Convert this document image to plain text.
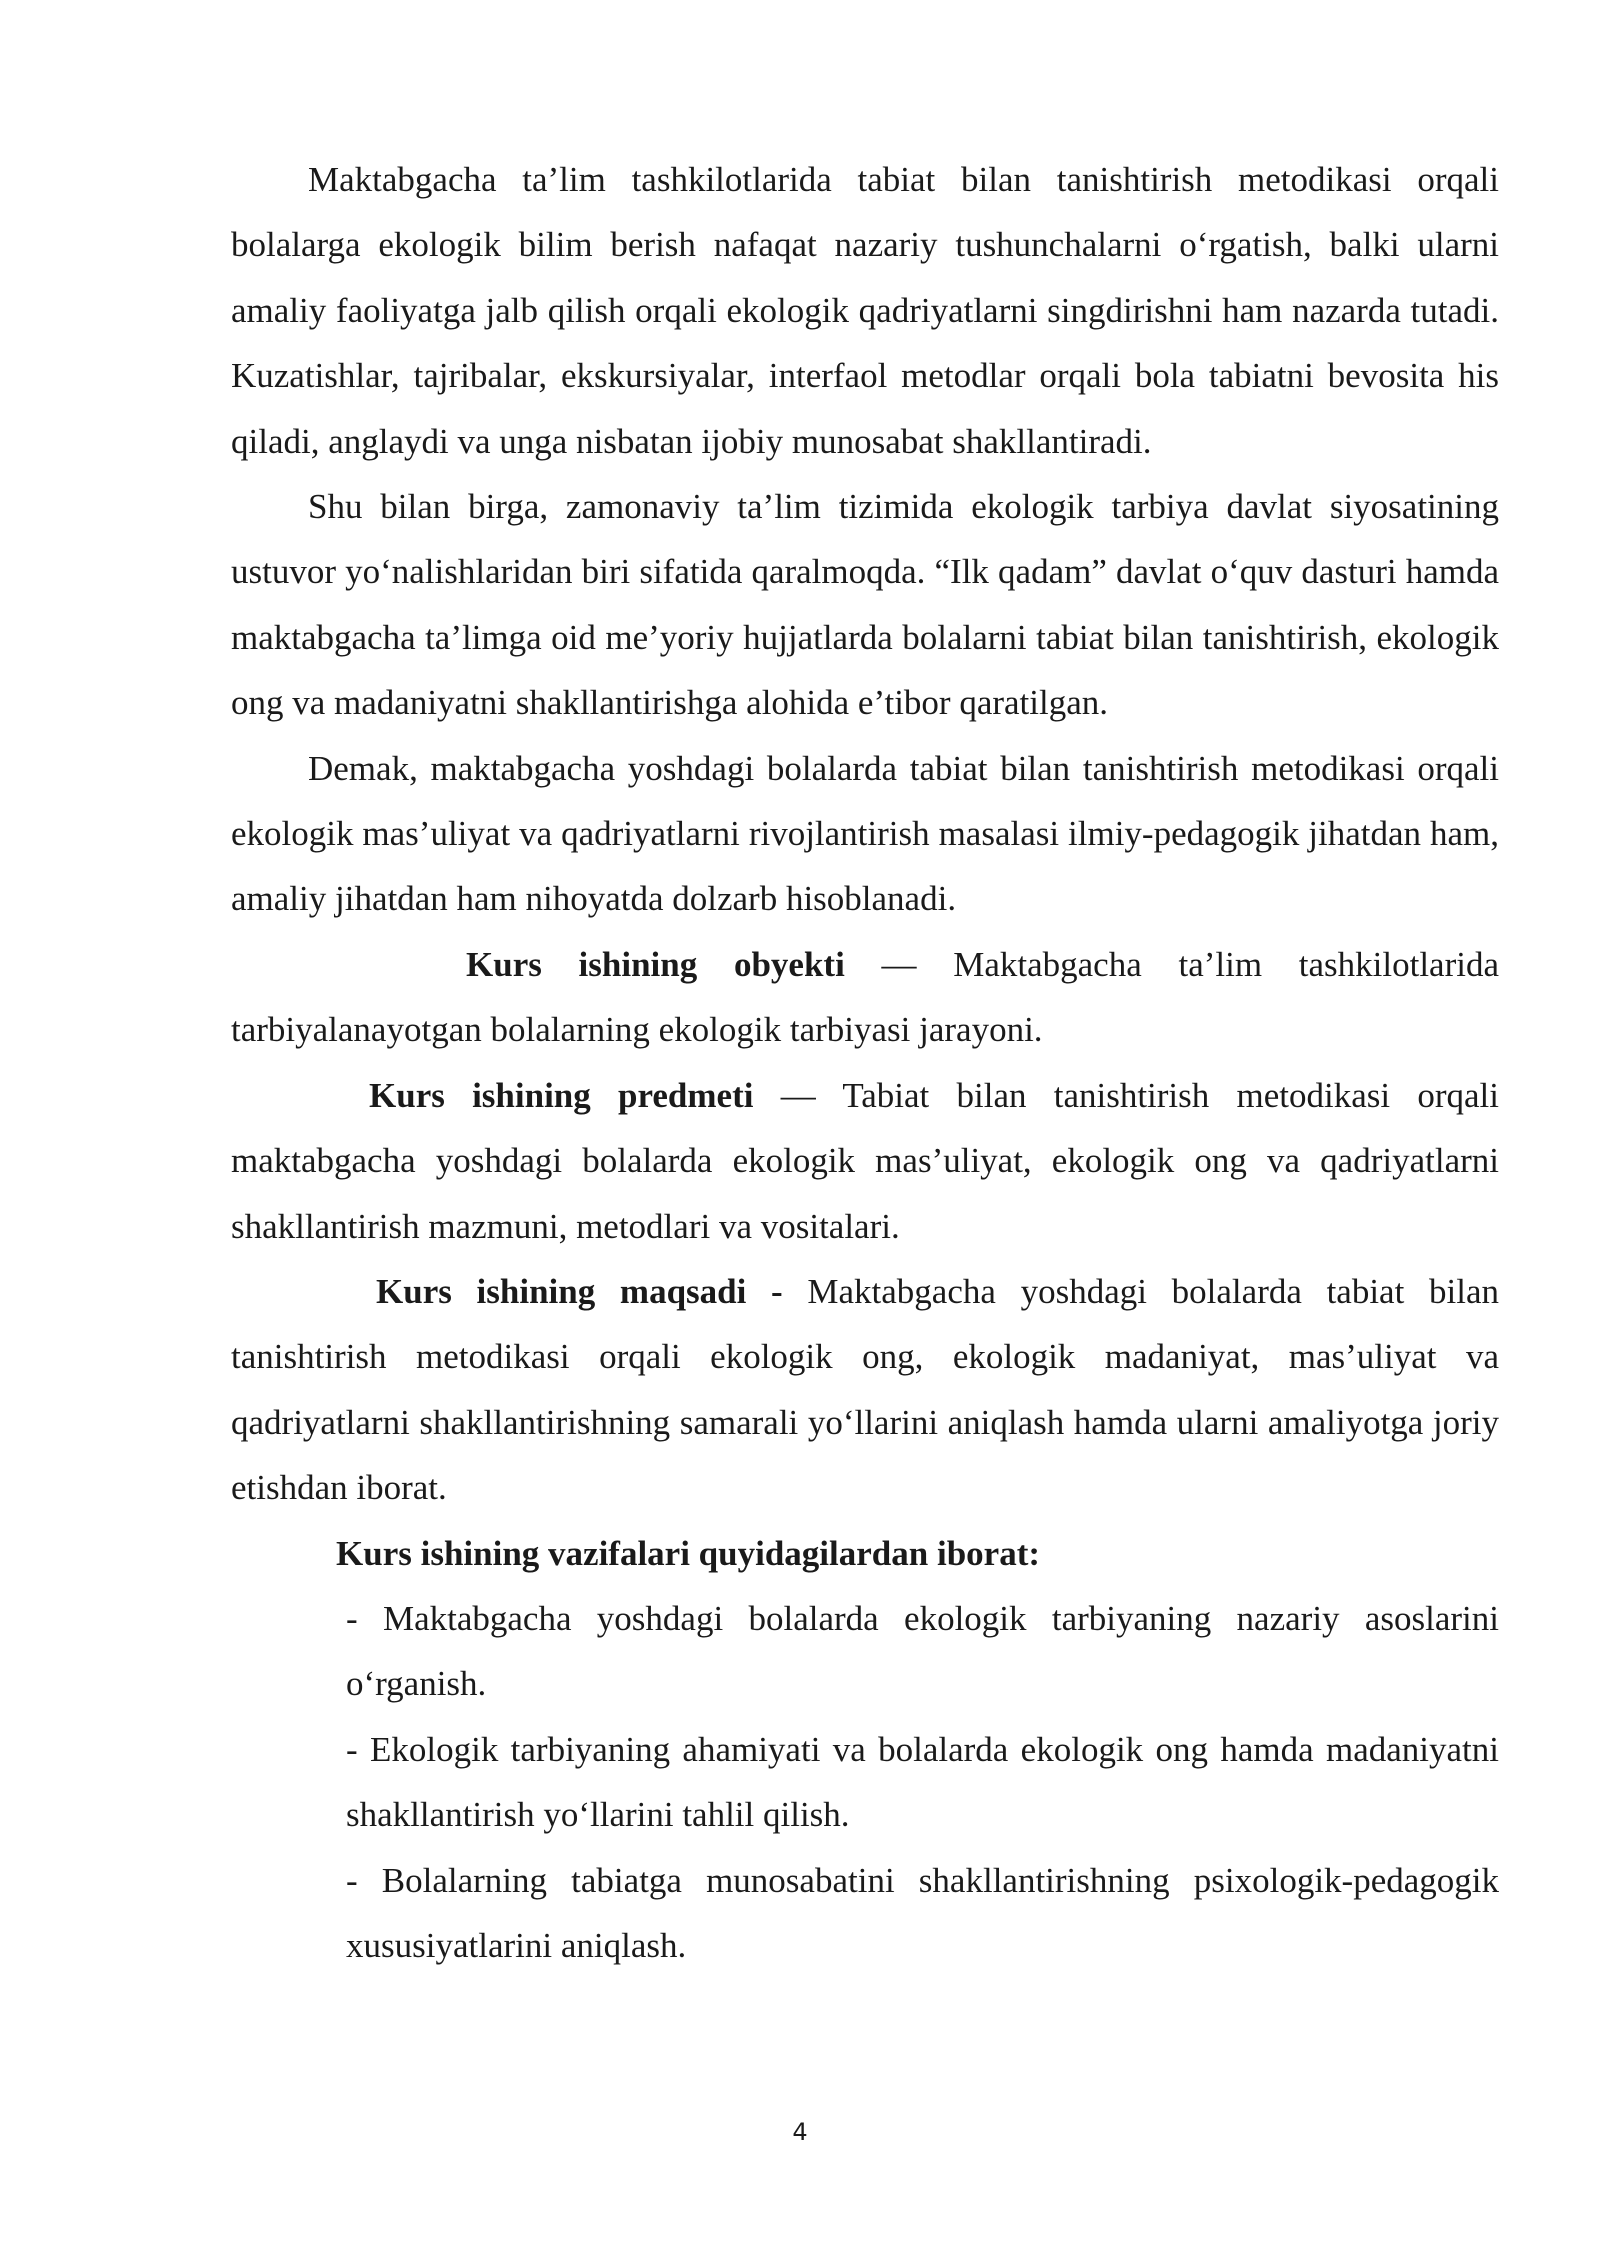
Maktabgacha ta’lim tashkilotlarida tabiat bilan tanishtirish metodikasi orqali bolalarga ekologik bilim berish nafaqat nazariy tushunchalarni o‘rgatish, balki ularni amaliy faoliyatga jalb qilish orqali ekologik qadriyatlarni singdirishni ham nazarda tutadi. Kuzatishlar, tajribalar, ekskursiyalar, interfaol metodlar orqali bola tabiatni bevosita his qiladi, anglaydi va unga nisbatan ijobiy munosabat shakllantiradi.

Shu bilan birga, zamonaviy ta’lim tizimida ekologik tarbiya davlat siyosatining ustuvor yo‘nalishlaridan biri sifatida qaralmoqda. “Ilk qadam” davlat o‘quv dasturi hamda maktabgacha ta’limga oid me’yoriy hujjatlarda bolalarni tabiat bilan tanishtirish, ekologik ong va madaniyatni shakllantirishga alohida e’tibor qaratilgan.

Demak, maktabgacha yoshdagi bolalarda tabiat bilan tanishtirish metodikasi orqali ekologik mas’uliyat va qadriyatlarni rivojlantirish masalasi ilmiy-pedagogik jihatdan ham, amaliy jihatdan ham nihoyatda dolzarb hisoblanadi.

Kurs ishining obyekti — Maktabgacha ta’lim tashkilotlarida tarbiyalanayotgan bolalarning ekologik tarbiyasi jarayoni.

Kurs ishining predmeti — Tabiat bilan tanishtirish metodikasi orqali maktabgacha yoshdagi bolalarda ekologik mas’uliyat, ekologik ong va qadriyatlarni shakllantirish mazmuni, metodlari va vositalari.

Kurs ishining maqsadi - Maktabgacha yoshdagi bolalarda tabiat bilan tanishtirish metodikasi orqali ekologik ong, ekologik madaniyat, mas’uliyat va qadriyatlarni shakllantirishning samarali yo‘llarini aniqlash hamda ularni amaliyotga joriy etishdan iborat.

Kurs ishining vazifalari quyidagilardan iborat:

- Maktabgacha yoshdagi bolalarda ekologik tarbiyaning nazariy asoslarini o‘rganish.

- Ekologik tarbiyaning ahamiyati va bolalarda ekologik ong hamda madaniyatni shakllantirish yo‘llarini tahlil qilish.

- Bolalarning tabiatga munosabatini shakllantirishning psixologik-pedagogik xususiyatlarini aniqlash.

4
